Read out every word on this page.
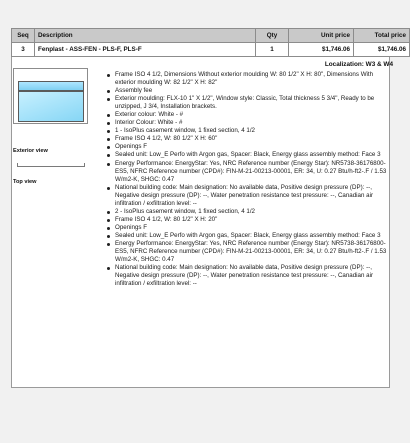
Seq	Description	Qty	Unit price	Total price
3	Fenplast - ASS-FEN - PLS-F, PLS-F	1	$1,746.06	$1,746.06
Localization: W3 & W4
Exterior view
Top view
Frame ISO 4 1/2, Dimensions Without exterior moulding W: 80 1/2" X H: 80", Dimensions With exterior moulding W: 82 1/2" X H: 82"
Assembly fee
Exterior moulding: FLX-10 1" X 1/2", Window style: Classic, Total thickness 5 3/4", Ready to be unzipped, J 3/4, Installation brackets.
Exterior colour: White - #
Interior Colour: White - #
1 - IsoPlus casement window, 1 fixed section, 4 1/2
Frame ISO 4 1/2, W: 80 1/2" X H: 60"
Openings F
Sealed unit: Low_E Perfo with Argon gas, Spacer: Black, Energy glass assembly method: Face 3
Energy Performance: EnergyStar: Yes, NRC Reference number (Energy Star): NR5738-36176800-ES5, NFRC Reference number (CPD#): FIN-M-21-00213-00001, ER: 34, U: 0.27 Btu/h-ft2-.F / 1.53 W/m2-K, SHGC: 0.47
National building code: Main designation: No available data, Positive design pressure (DP): --, Negative design pressure (DP): --, Water penetration resistance test pressure: --, Canadian air infiltration / exfiltration level: --
2 - IsoPlus casement window, 1 fixed section, 4 1/2
Frame ISO 4 1/2, W: 80 1/2" X H: 20"
Openings F
Sealed unit: Low_E Perfo with Argon gas, Spacer: Black, Energy glass assembly method: Face 3
Energy Performance: EnergyStar: Yes, NRC Reference number (Energy Star): NR5738-36176800-ES5, NFRC Reference number (CPD#): FIN-M-21-00213-00001, ER: 34, U: 0.27 Btu/h-ft2-.F / 1.53 W/m2-K, SHGC: 0.47
National building code: Main designation: No available data, Positive design pressure (DP): --, Negative design pressure (DP): --, Water penetration resistance test pressure: --, Canadian air infiltration / exfiltration level: --
